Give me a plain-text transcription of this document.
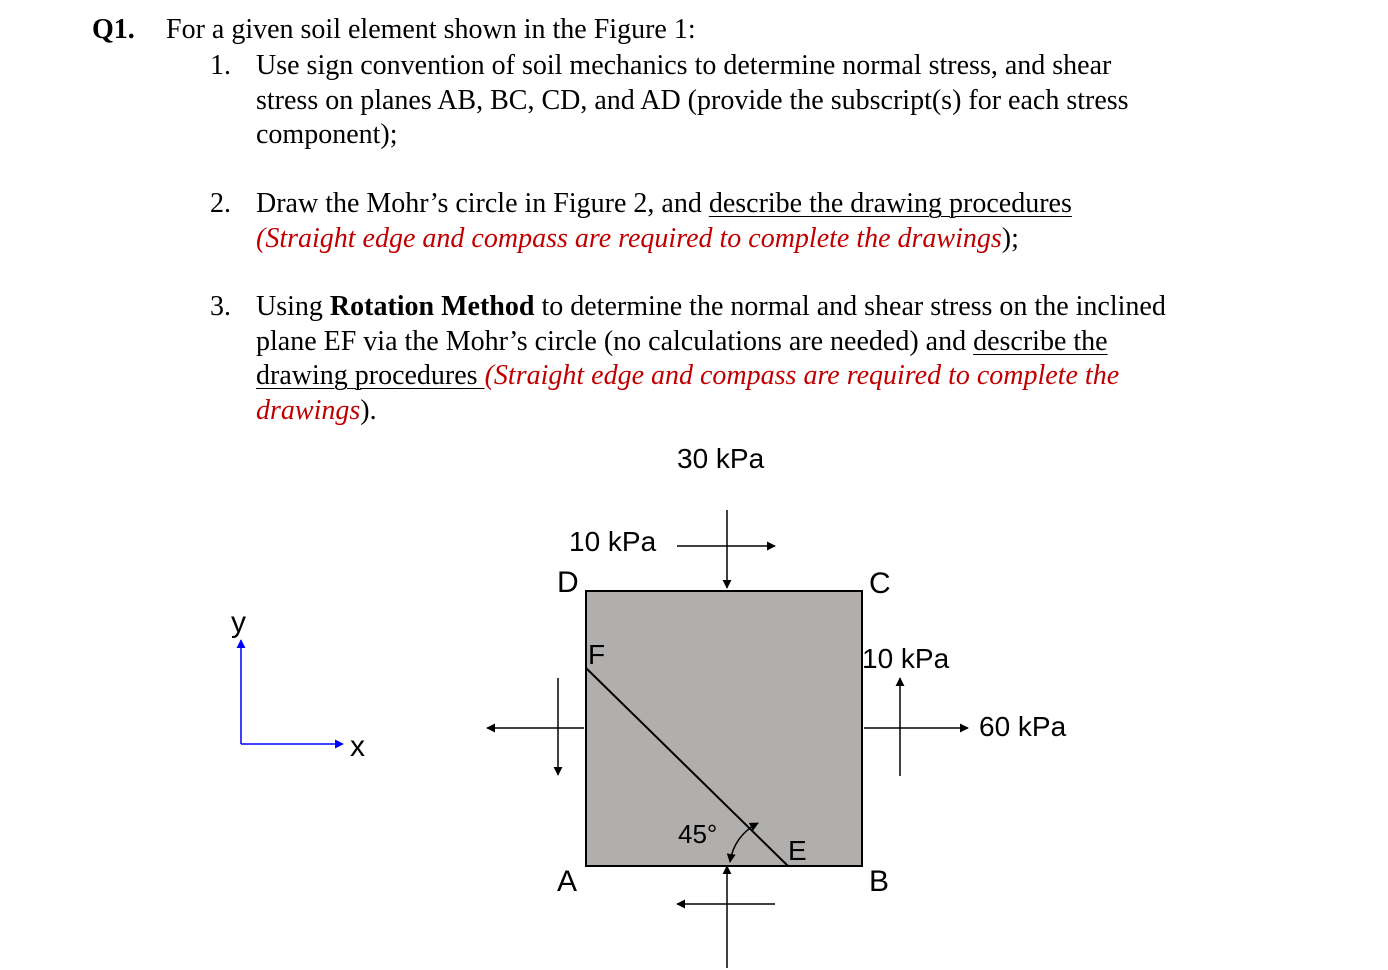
Q1. For a given soil element shown in the Figure 1:
1. Use sign convention of soil mechanics to determine normal stress, and shear
stress on planes AB, BC, CD, and AD (provide the subscript(s) for each stress
component);
2. Draw the Mohr’s circle in Figure 2, and describe the drawing procedures
(Straight edge and compass are required to complete the drawings);
3. Using Rotation Method to determine the normal and shear stress on the inclined
plane EF via the Mohr’s circle (no calculations are needed) and describe the
drawing procedures (Straight edge and compass are required to complete the
drawings).
30 kPa
10 kPa
10 kPa
60 kPa
D	C
A	B
F
E
45°
y
x
